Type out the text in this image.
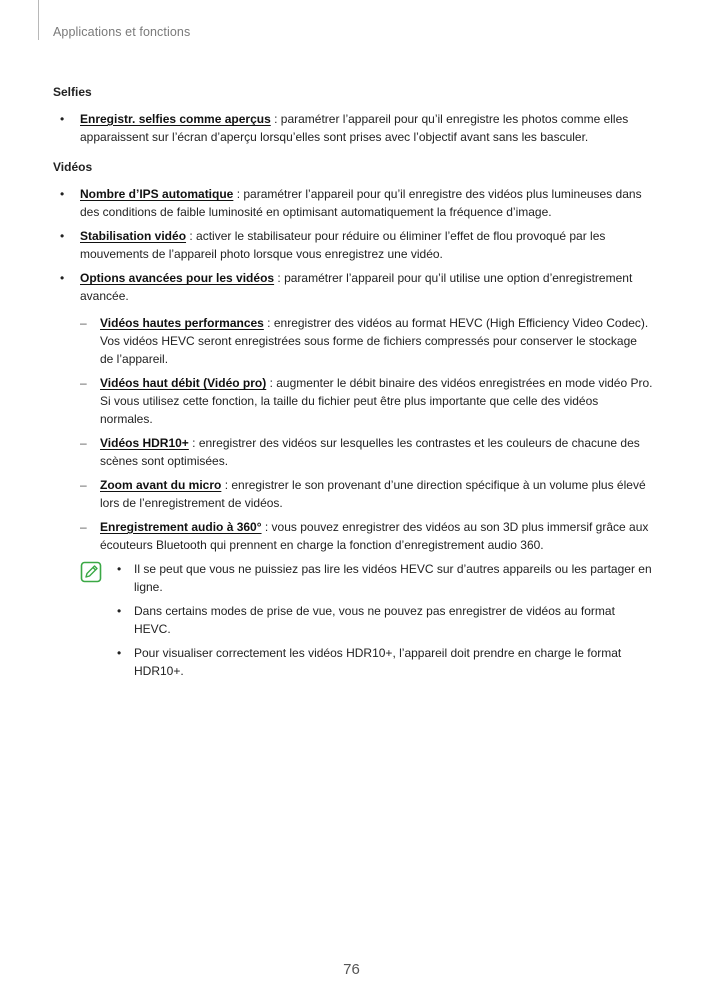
Applications et fonctions
Selfies
• Enregistr. selfies comme aperçus : paramétrer l’appareil pour qu’il enregistre les photos comme elles apparaissent sur l’écran d’aperçu lorsqu’elles sont prises avec l’objectif avant sans les basculer.
Vidéos
• Nombre d’IPS automatique : paramétrer l’appareil pour qu’il enregistre des vidéos plus lumineuses dans des conditions de faible luminosité en optimisant automatiquement la fréquence d’image.
• Stabilisation vidéo : activer le stabilisateur pour réduire ou éliminer l’effet de flou provoqué par les mouvements de l’appareil photo lorsque vous enregistrez une vidéo.
• Options avancées pour les vidéos : paramétrer l’appareil pour qu’il utilise une option d’enregistrement avancée.
– Vidéos hautes performances : enregistrer des vidéos au format HEVC (High Efficiency Video Codec). Vos vidéos HEVC seront enregistrées sous forme de fichiers compressés pour conserver le stockage de l’appareil.
– Vidéos haut débit (Vidéo pro) : augmenter le débit binaire des vidéos enregistrées en mode vidéo Pro. Si vous utilisez cette fonction, la taille du fichier peut être plus importante que celle des vidéos normales.
– Vidéos HDR10+ : enregistrer des vidéos sur lesquelles les contrastes et les couleurs de chacune des scènes sont optimisées.
– Zoom avant du micro : enregistrer le son provenant d’une direction spécifique à un volume plus élevé lors de l’enregistrement de vidéos.
– Enregistrement audio à 360° : vous pouvez enregistrer des vidéos au son 3D plus immersif grâce aux écouteurs Bluetooth qui prennent en charge la fonction d’enregistrement audio 360.
• Il se peut que vous ne puissiez pas lire les vidéos HEVC sur d’autres appareils ou les partager en ligne.
• Dans certains modes de prise de vue, vous ne pouvez pas enregistrer de vidéos au format HEVC.
• Pour visualiser correctement les vidéos HDR10+, l’appareil doit prendre en charge le format HDR10+.
76
